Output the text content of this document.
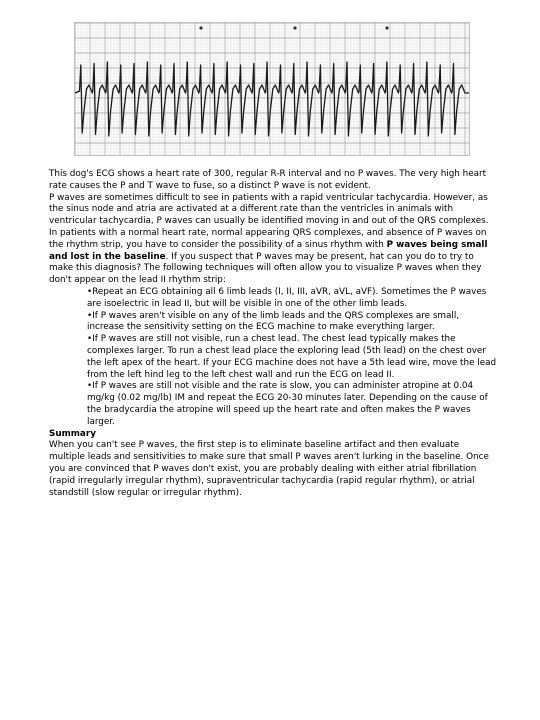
This dog's ECG shows a heart rate of 300, regular R-R interval and no P waves. The very high heart rate causes the P and T wave to fuse, so a distinct P wave is not evident.

P waves are sometimes difficult to see in patients with a rapid ventricular tachycardia. However, as the sinus node and atria are activated at a different rate than the ventricles in animals with ventricular tachycardia, P waves can usually be identified moving in and out of the QRS complexes.

In patients with a normal heart rate, normal appearing QRS complexes, and absence of P waves on the rhythm strip, you have to consider the possibility of a sinus rhythm with P waves being small and lost in the baseline. If you suspect that P waves may be present, hat can you do to try to make this diagnosis? The following techniques will often allow you to visualize P waves when they don't appear on the lead II rhythm strip:

• Repeat an ECG obtaining all 6 limb leads (I, II, III, aVR, aVL, aVF). Sometimes the P waves are isoelectric in lead II, but will be visible in one of the other limb leads.
• If P waves aren't visible on any of the limb leads and the QRS complexes are small, increase the sensitivity setting on the ECG machine to make everything larger.
• If P waves are still not visible, run a chest lead. The chest lead typically makes the complexes larger. To run a chest lead place the exploring lead (5th lead) on the chest over the left apex of the heart. If your ECG machine does not have a 5th lead wire, move the lead from the left hind leg to the left chest wall and run the ECG on lead II.
• If P waves are still not visible and the rate is slow, you can administer atropine at 0.04 mg/kg (0.02 mg/lb) IM and repeat the ECG 20-30 minutes later. Depending on the cause of the bradycardia the atropine will speed up the heart rate and often makes the P waves larger.

Summary

When you can't see P waves, the first step is to eliminate baseline artifact and then evaluate multiple leads and sensitivities to make sure that small P waves aren't lurking in the baseline. Once you are convinced that P waves don't exist, you are probably dealing with either atrial fibrillation (rapid irregularly irregular rhythm), supraventricular tachycardia (rapid regular rhythm), or atrial standstill (slow regular or irregular rhythm).
